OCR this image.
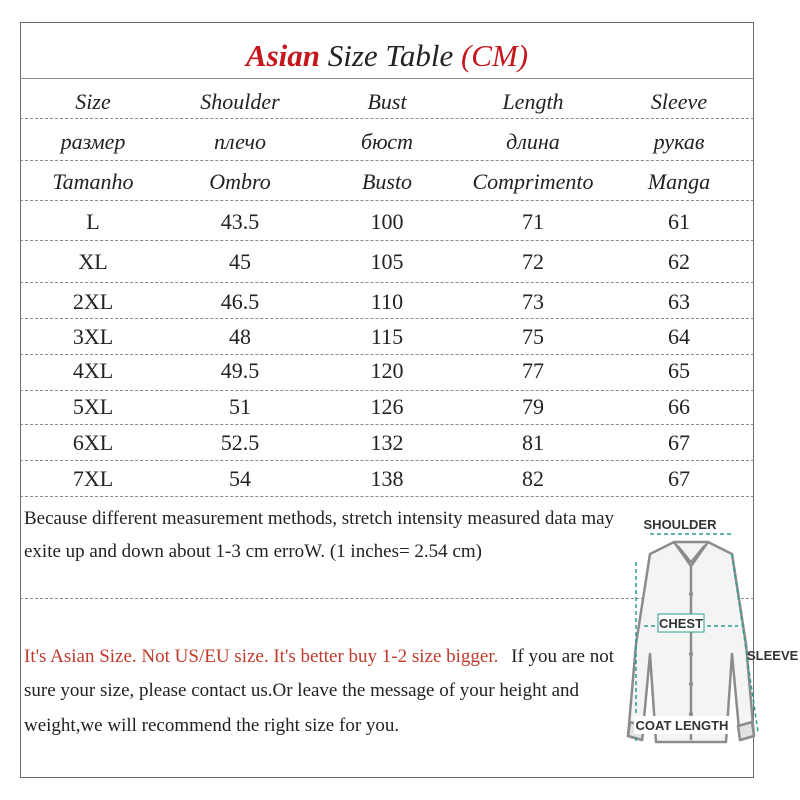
Asian Size Table (CM)
Size	Shoulder	Bust	Length	Sleeve
размер	плечо	бюст	длина	рукав
Tamanho	Ombro	Busto	Comprimento	Manga
L	43.5	100	71	61
XL	45	105	72	62
2XL	46.5	110	73	63
3XL	48	115	75	64
4XL	49.5	120	77	65
5XL	51	126	79	66
6XL	52.5	132	81	67
7XL	54	138	82	67
Because different measurement methods, stretch intensity measured data may
exite up and down about 1-3 cm erroW. (1 inches= 2.54 cm)
It's Asian Size. Not US/EU size. It's better buy 1-2 size bigger. If you are not
sure your size, please contact us.Or leave the message of your height and
weight,we will recommend the right size for you.
SHOULDER
CHEST
SLEEVE
COAT LENGTH
